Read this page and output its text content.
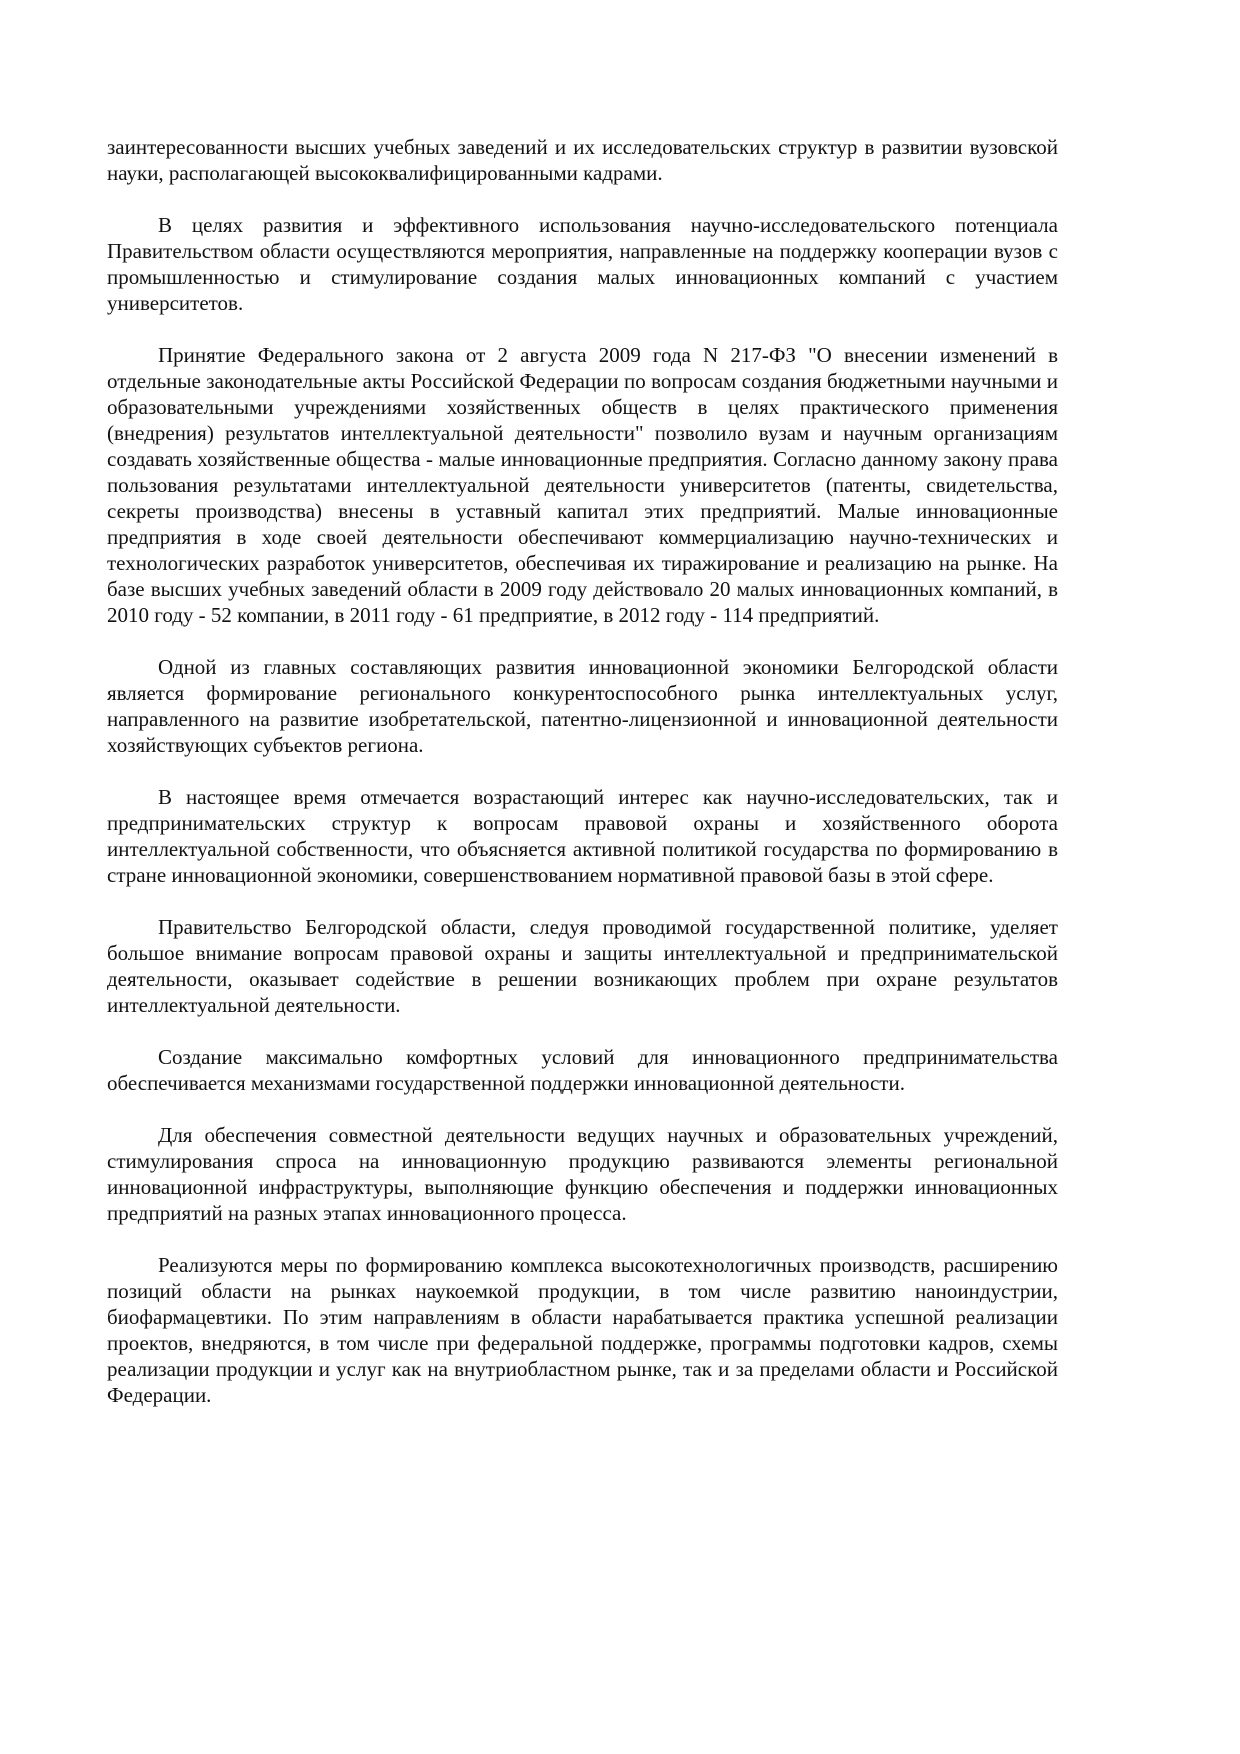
заинтересованности высших учебных заведений и их исследовательских структур в развитии вузовской науки, располагающей высококвалифицированными кадрами.

В целях развития и эффективного использования научно-исследовательского потенциала Правительством области осуществляются мероприятия, направленные на поддержку кооперации вузов с промышленностью и стимулирование создания малых инновационных компаний с участием университетов.

Принятие Федерального закона от 2 августа 2009 года N 217-ФЗ "О внесении изменений в отдельные законодательные акты Российской Федерации по вопросам создания бюджетными научными и образовательными учреждениями хозяйственных обществ в целях практического применения (внедрения) результатов интеллектуальной деятельности" позволило вузам и научным организациям создавать хозяйственные общества - малые инновационные предприятия. Согласно данному закону права пользования результатами интеллектуальной деятельности университетов (патенты, свидетельства, секреты производства) внесены в уставный капитал этих предприятий. Малые инновационные предприятия в ходе своей деятельности обеспечивают коммерциализацию научно-технических и технологических разработок университетов, обеспечивая их тиражирование и реализацию на рынке. На базе высших учебных заведений области в 2009 году действовало 20 малых инновационных компаний, в 2010 году - 52 компании, в 2011 году - 61 предприятие, в 2012 году - 114 предприятий.

Одной из главных составляющих развития инновационной экономики Белгородской области является формирование регионального конкурентоспособного рынка интеллектуальных услуг, направленного на развитие изобретательской, патентно-лицензионной и инновационной деятельности хозяйствующих субъектов региона.

В настоящее время отмечается возрастающий интерес как научно-исследовательских, так и предпринимательских структур к вопросам правовой охраны и хозяйственного оборота интеллектуальной собственности, что объясняется активной политикой государства по формированию в стране инновационной экономики, совершенствованием нормативной правовой базы в этой сфере.

Правительство Белгородской области, следуя проводимой государственной политике, уделяет большое внимание вопросам правовой охраны и защиты интеллектуальной и предпринимательской деятельности, оказывает содействие в решении возникающих проблем при охране результатов интеллектуальной деятельности.

Создание максимально комфортных условий для инновационного предпринимательства обеспечивается механизмами государственной поддержки инновационной деятельности.

Для обеспечения совместной деятельности ведущих научных и образовательных учреждений, стимулирования спроса на инновационную продукцию развиваются элементы региональной инновационной инфраструктуры, выполняющие функцию обеспечения и поддержки инновационных предприятий на разных этапах инновационного процесса.

Реализуются меры по формированию комплекса высокотехнологичных производств, расширению позиций области на рынках наукоемкой продукции, в том числе развитию наноиндустрии, биофармацевтики. По этим направлениям в области нарабатывается практика успешной реализации проектов, внедряются, в том числе при федеральной поддержке, программы подготовки кадров, схемы реализации продукции и услуг как на внутриобластном рынке, так и за пределами области и Российской Федерации.
